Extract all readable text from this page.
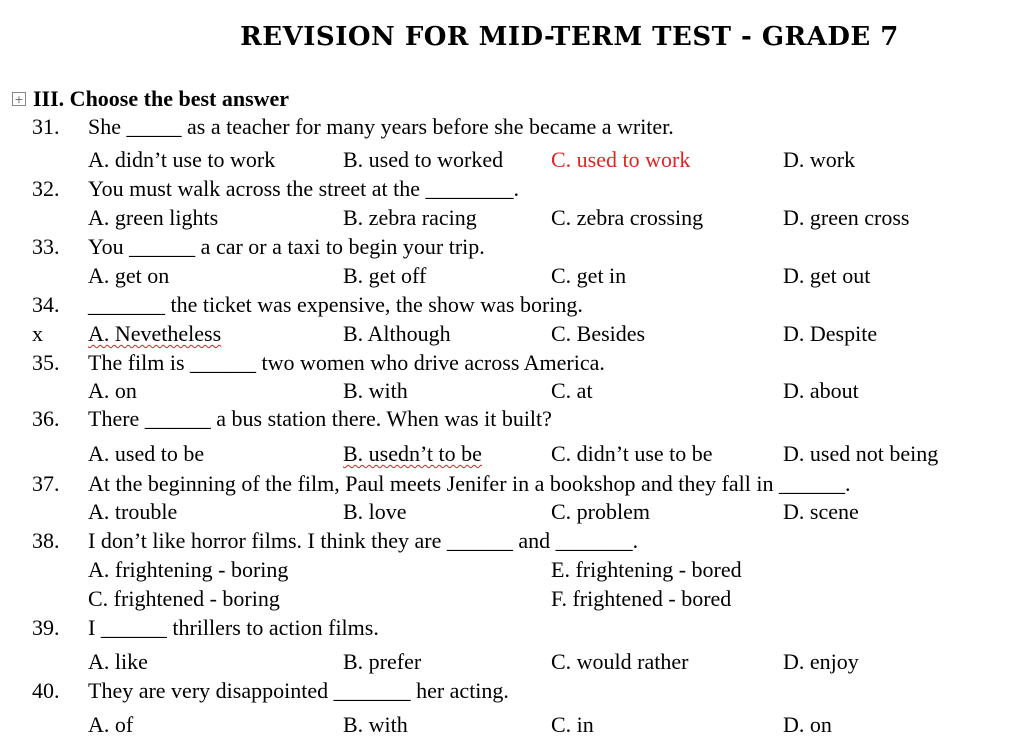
REVISION FOR MID-TERM TEST - GRADE 7
+ III. Choose the best answer
31. She _____ as a teacher for many years before she became a writer.
A. didn’t use to work	B. used to worked C. used to work	D. work
32. You must walk across the street at the ________.
A. green lights	B. zebra racing	C. zebra crossing	D. green cross
33. You ______ a car or a taxi to begin your trip.
A. get on	B. get off	C. get in	D. get out
34. _______ the ticket was expensive, the show was boring.
x A. Nevetheless	B. Although	C. Besides	D. Despite
35. The film is ______ two women who drive across America.
A. on	B. with	C. at	D. about
36. There ______ a bus station there. When was it built?
A. used to be	B. usedn’t to be	C. didn’t use to be	D. used not being
37. At the beginning of the film, Paul meets Jenifer in a bookshop and they fall in ______.
A. trouble	B. love	C. problem	D. scene
38. I don’t like horror films. I think they are ______ and _______.
A. frightening - boring	E. frightening - bored
C. frightened - boring	F. frightened - bored
39. I ______ thrillers to action films.
A. like	B. prefer	C. would rather	D. enjoy
40. They are very disappointed _______ her acting.
A. of	B. with	C. in	D. on
